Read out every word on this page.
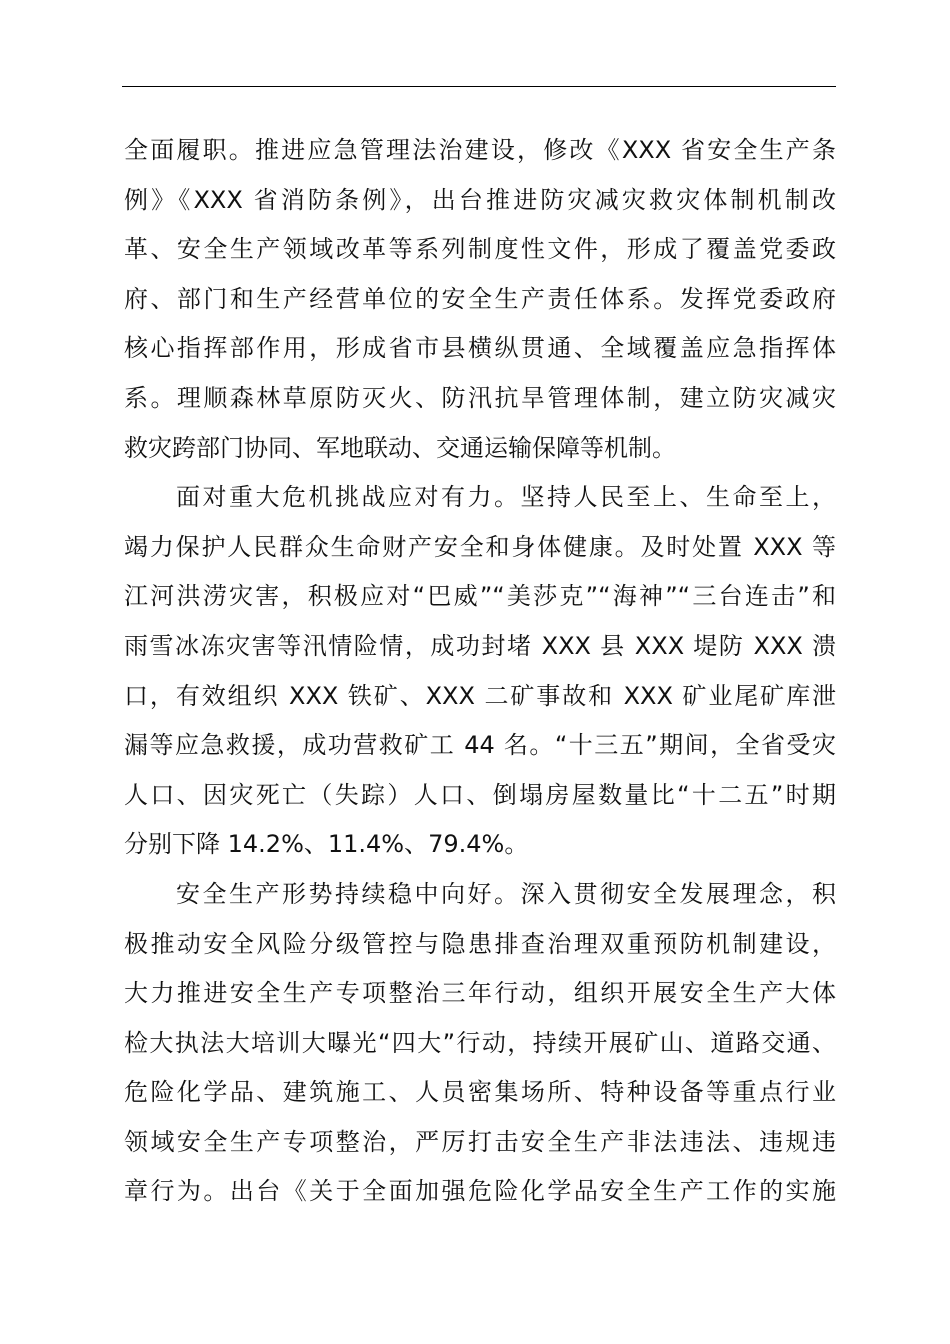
全面履职。推进应急管理法治建设，修改《XXX 省安全生产条
例》《XXX 省消防条例》，出台推进防灾减灾救灾体制机制改
革、安全生产领域改革等系列制度性文件，形成了覆盖党委政
府、部门和生产经营单位的安全生产责任体系。发挥党委政府
核心指挥部作用，形成省市县横纵贯通、全域覆盖应急指挥体
系。理顺森林草原防灭火、防汛抗旱管理体制，建立防灾减灾
救灾跨部门协同、军地联动、交通运输保障等机制。
面对重大危机挑战应对有力。坚持人民至上、生命至上，
竭力保护人民群众生命财产安全和身体健康。及时处置 XXX 等
江河洪涝灾害，积极应对“巴威”“美莎克”“海神”“三台连击”和
雨雪冰冻灾害等汛情险情，成功封堵 XXX 县 XXX 堤防 XXX 溃
口，有效组织 XXX 铁矿、XXX 二矿事故和 XXX 矿业尾矿库泄
漏等应急救援，成功营救矿工 44 名。“十三五”期间，全省受灾
人口、因灾死亡（失踪）人口、倒塌房屋数量比“十二五”时期
分别下降 14.2%、11.4%、79.4%。
安全生产形势持续稳中向好。深入贯彻安全发展理念，积
极推动安全风险分级管控与隐患排查治理双重预防机制建设，
大力推进安全生产专项整治三年行动，组织开展安全生产大体
检大执法大培训大曝光“四大”行动，持续开展矿山、道路交通、
危险化学品、建筑施工、人员密集场所、特种设备等重点行业
领域安全生产专项整治，严厉打击安全生产非法违法、违规违
章行为。出台《关于全面加强危险化学品安全生产工作的实施
